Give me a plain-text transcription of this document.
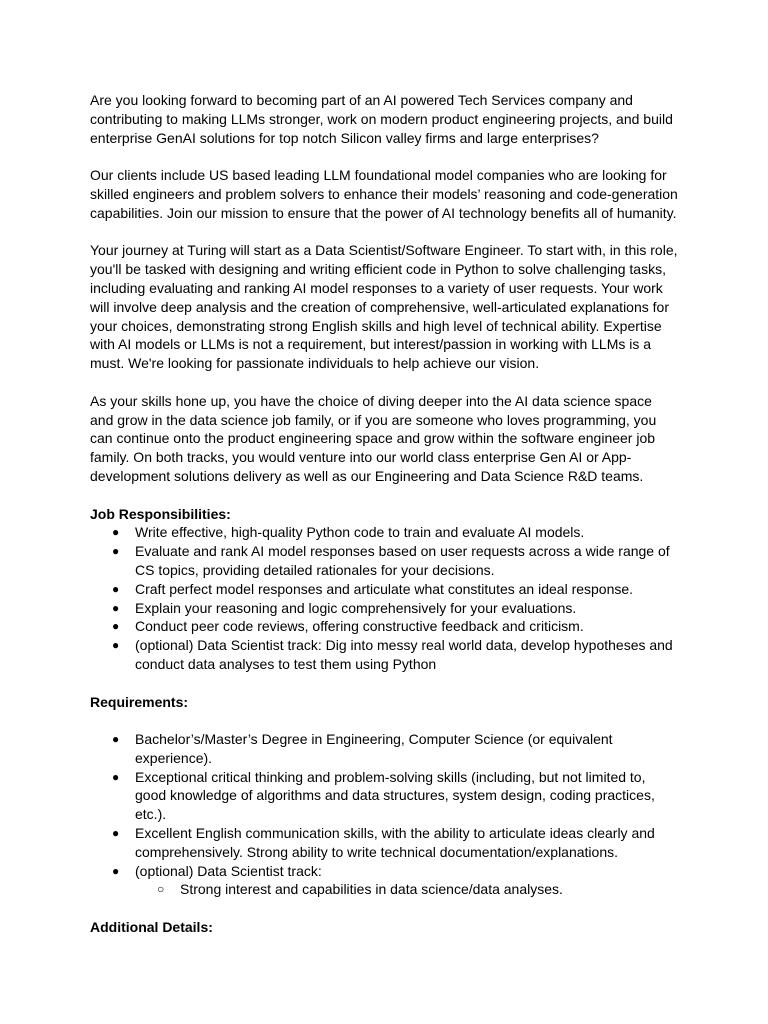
Are you looking forward to becoming part of an AI powered Tech Services company and contributing to making LLMs stronger, work on modern product engineering projects, and build enterprise GenAI solutions for top notch Silicon valley firms and large enterprises?

Our clients include US based leading LLM foundational model companies who are looking for skilled engineers and problem solvers to enhance their models’ reasoning and code-generation capabilities. Join our mission to ensure that the power of AI technology benefits all of humanity.

Your journey at Turing will start as a Data Scientist/Software Engineer. To start with, in this role, you'll be tasked with designing and writing efficient code in Python to solve challenging tasks, including evaluating and ranking AI model responses to a variety of user requests. Your work will involve deep analysis and the creation of comprehensive, well-articulated explanations for your choices, demonstrating strong English skills and high level of technical ability. Expertise with AI models or LLMs is not a requirement, but interest/passion in working with LLMs is a must. We're looking for passionate individuals to help achieve our vision.

As your skills hone up, you have the choice of diving deeper into the AI data science space and grow in the data science job family, or if you are someone who loves programming, you can continue onto the product engineering space and grow within the software engineer job family. On both tracks, you would venture into our world class enterprise Gen AI or App-development solutions delivery as well as our Engineering and Data Science R&D teams.

Job Responsibilities:
● Write effective, high-quality Python code to train and evaluate AI models.
● Evaluate and rank AI model responses based on user requests across a wide range of CS topics, providing detailed rationales for your decisions.
● Craft perfect model responses and articulate what constitutes an ideal response.
● Explain your reasoning and logic comprehensively for your evaluations.
● Conduct peer code reviews, offering constructive feedback and criticism.
● (optional) Data Scientist track: Dig into messy real world data, develop hypotheses and conduct data analyses to test them using Python
Requirements:
● Bachelor’s/Master’s Degree in Engineering, Computer Science (or equivalent experience).
● Exceptional critical thinking and problem-solving skills (including, but not limited to, good knowledge of algorithms and data structures, system design, coding practices, etc.).
● Excellent English communication skills, with the ability to articulate ideas clearly and comprehensively. Strong ability to write technical documentation/explanations.
● (optional) Data Scientist track:
○ Strong interest and capabilities in data science/data analyses.
Additional Details:
